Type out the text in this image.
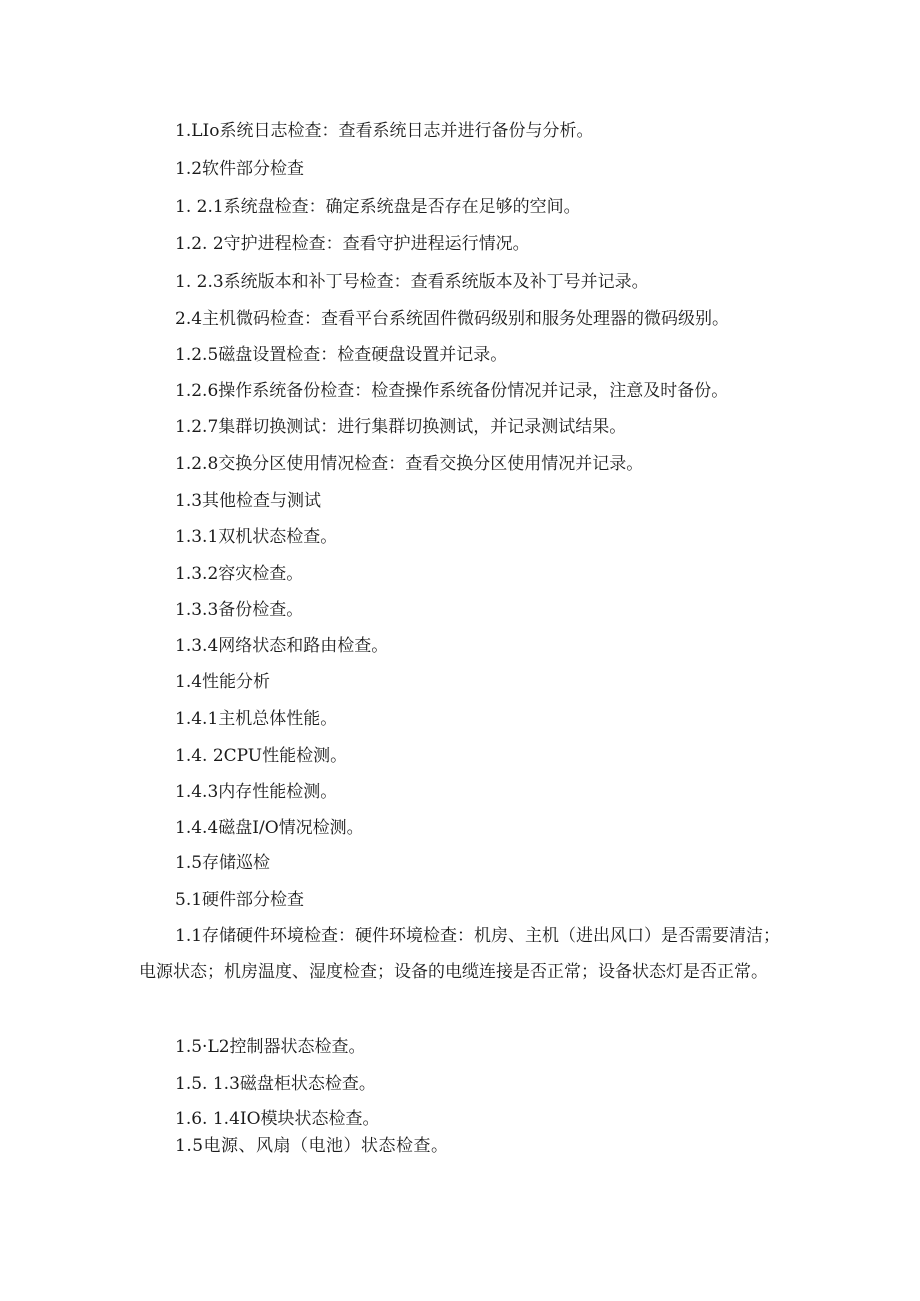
1.LIo系统日志检查：查看系统日志并进行备份与分析。
1.2软件部分检查
1. 2.1系统盘检查：确定系统盘是否存在足够的空间。
1.2. 2守护进程检查：查看守护进程运行情况。
1. 2.3系统版本和补丁号检查：查看系统版本及补丁号并记录。
2.4主机微码检查：查看平台系统固件微码级别和服务处理器的微码级别。
1.2.5磁盘设置检查：检查硬盘设置并记录。
1.2.6操作系统备份检查：检查操作系统备份情况并记录，注意及时备份。
1.2.7集群切换测试：进行集群切换测试，并记录测试结果。
1.2.8交换分区使用情况检查：查看交换分区使用情况并记录。
1.3其他检查与测试
1.3.1双机状态检查。
1.3.2容灾检查。
1.3.3备份检查。
1.3.4网络状态和路由检查。
1.4性能分析
1.4.1主机总体性能。
1.4. 2CPU性能检测。
1.4.3内存性能检测。
1.4.4磁盘I/O情况检测。
1.5存储巡检
5.1硬件部分检查
1.1存储硬件环境检查：硬件环境检查：机房、主机（进出风口）是否需要清洁；电源状态；机房温度、湿度检查；设备的电缆连接是否正常；设备状态灯是否正常。
1.5·L2控制器状态检查。
1.5. 1.3磁盘柜状态检查。
1.6. 1.4IO模块状态检查。
1.5电源、风扇（电池）状态检查。
